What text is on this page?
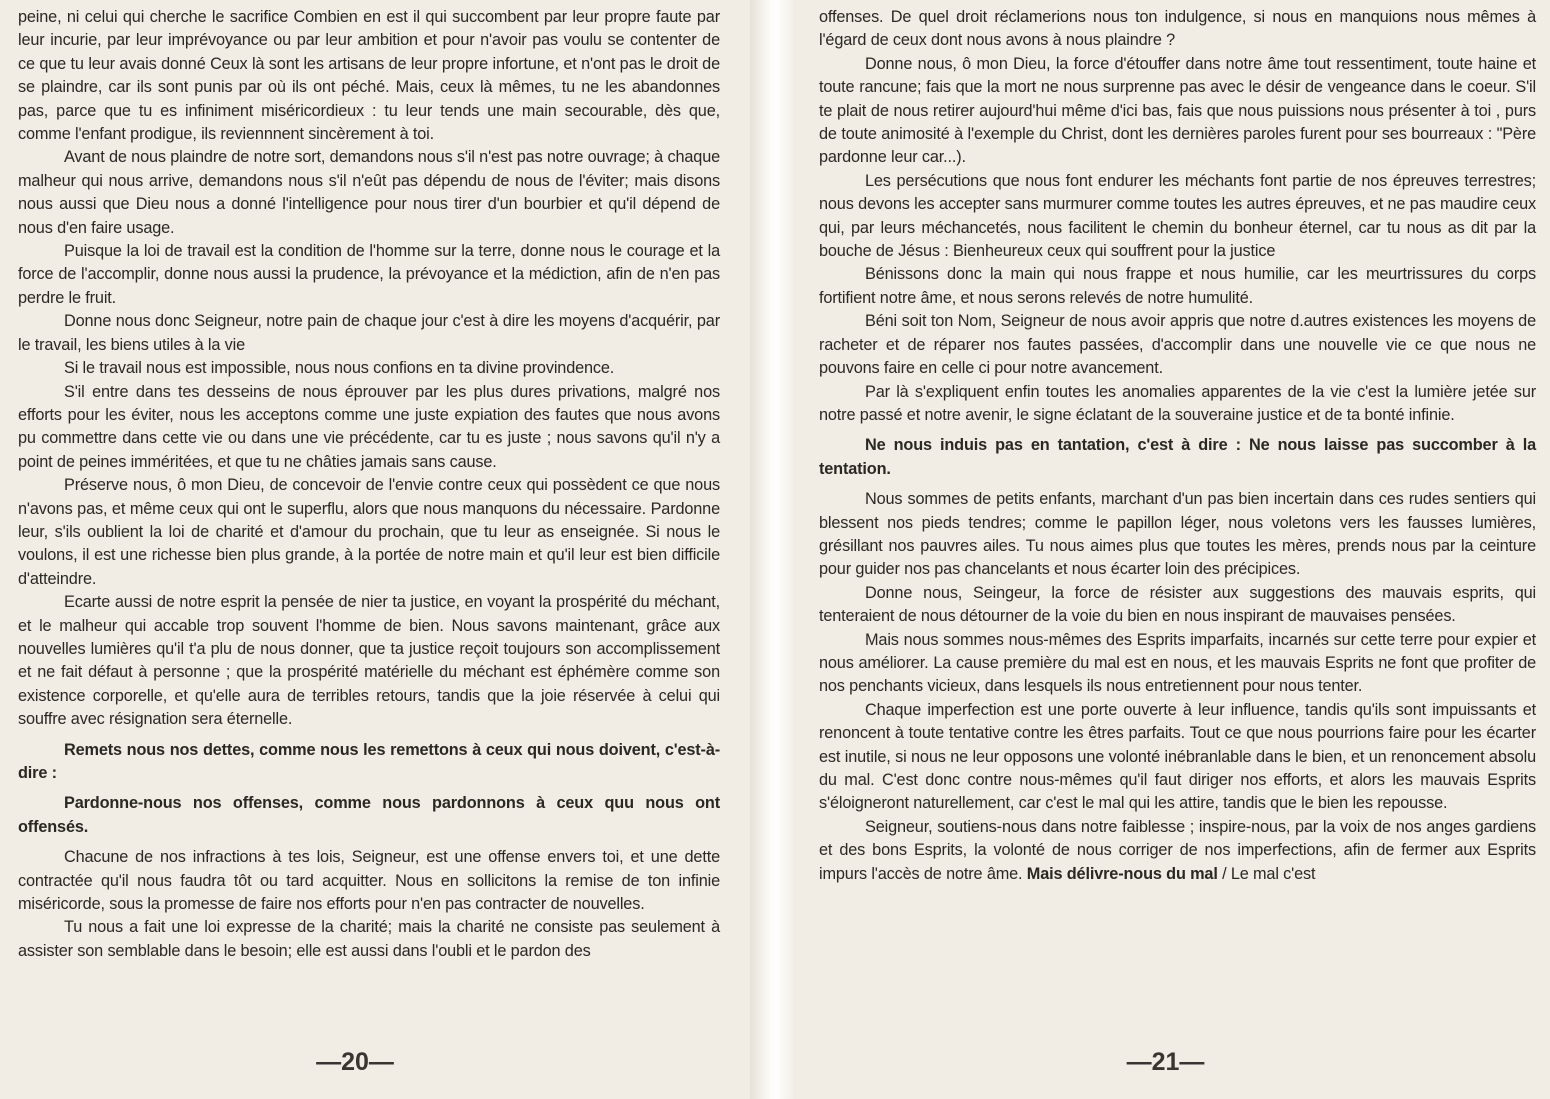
peine, ni celui qui cherche le sacrifice Combien en est il qui succombent par leur propre faute par leur incurie, par leur imprévoyance ou par leur ambition et pour n'avoir pas voulu se contenter de ce que tu leur avais donné Ceux là sont les artisans de leur propre infortune, et n'ont pas le droit de se plaindre, car ils sont punis par où ils ont péché. Mais, ceux là mêmes, tu ne les abandonnes pas, parce que tu es infiniment miséricordieux : tu leur tends une main secourable, dès que, comme l'enfant prodigue, ils reviennnent sincèrement à toi.

Avant de nous plaindre de notre sort, demandons nous s'il n'est pas notre ouvrage; à chaque malheur qui nous arrive, demandons nous s'il n'eût pas dépendu de nous de l'éviter; mais disons nous aussi que Dieu nous a donné l'intelligence pour nous tirer d'un bourbier et qu'il dépend de nous d'en faire usage.

Puisque la loi de travail est la condition de l'homme sur la terre, donne nous le courage et la force de l'accomplir, donne nous aussi la prudence, la prévoyance et la médiction, afin de n'en pas perdre le fruit.

Donne nous donc Seigneur, notre pain de chaque jour c'est à dire les moyens d'acquérir, par le travail, les biens utiles à la vie

Si le travail nous est impossible, nous nous confions en ta divine provindence.

S'il entre dans tes desseins de nous éprouver par les plus dures privations, malgré nos efforts pour les éviter, nous les acceptons comme une juste expiation des fautes que nous avons pu commettre dans cette vie ou dans une vie précédente, car tu es juste ; nous savons qu'il n'y a point de peines imméritées, et que tu ne châties jamais sans cause.

Préserve nous, ô mon Dieu, de concevoir de l'envie contre ceux qui possèdent ce que nous n'avons pas, et même ceux qui ont le superflu, alors que nous manquons du nécessaire. Pardonne leur, s'ils oublient la loi de charité et d'amour du prochain, que tu leur as enseignée. Si nous le voulons, il est une richesse bien plus grande, à la portée de notre main et qu'il leur est bien difficile d'atteindre.

Ecarte aussi de notre esprit la pensée de nier ta justice, en voyant la prospérité du méchant, et le malheur qui accable trop souvent l'homme de bien. Nous savons maintenant, grâce aux nouvelles lumières qu'il t'a plu de nous donner, que ta justice reçoit toujours son accomplissement et ne fait défaut à personne ; que la prospérité matérielle du méchant est éphémère comme son existence corporelle, et qu'elle aura de terribles retours, tandis que la joie réservée à celui qui souffre avec résignation sera éternelle.

Remets nous nos dettes, comme nous les remettons à ceux qui nous doivent, c'est-à-dire :

Pardonne-nous nos offenses, comme nous pardonnons à ceux quu nous ont offensés.

Chacune de nos infractions à tes lois, Seigneur, est une offense envers toi, et une dette contractée qu'il nous faudra tôt ou tard acquitter. Nous en sollicitons la remise de ton infinie miséricorde, sous la promesse de faire nos efforts pour n'en pas contracter de nouvelles.

Tu nous a fait une loi expresse de la charité; mais la charité ne consiste pas seulement à assister son semblable dans le besoin; elle est aussi dans l'oubli et le pardon des

—20—

offenses. De quel droit réclamerions nous ton indulgence, si nous en manquions nous mêmes à l'égard de ceux dont nous avons à nous plaindre ?

Donne nous, ô mon Dieu, la force d'étouffer dans notre âme tout ressentiment, toute haine et toute rancune; fais que la mort ne nous surprenne pas avec le désir de vengeance dans le coeur. S'il te plait de nous retirer aujourd'hui même d'ici bas, fais que nous puissions nous présenter à toi , purs de toute animosité à l'exemple du Christ, dont les dernières paroles furent pour ses bourreaux : "Père pardonne leur car...).

Les persécutions que nous font endurer les méchants font partie de nos épreuves terrestres; nous devons les accepter sans murmurer comme toutes les autres épreuves, et ne pas maudire ceux qui, par leurs méchancetés, nous facilitent le chemin du bonheur éternel, car tu nous as dit par la bouche de Jésus : Bienheureux ceux qui souffrent pour la justice

Bénissons donc la main qui nous frappe et nous humilie, car les meurtrissures du corps fortifient notre âme, et nous serons relevés de notre humulité.

Béni soit ton Nom, Seigneur de nous avoir appris que notre d.autres existences les moyens de racheter et de réparer nos fautes passées, d'accomplir dans une nouvelle vie ce que nous ne pouvons faire en celle ci pour notre avancement.

Par là s'expliquent enfin toutes les anomalies apparentes de la vie c'est la lumière jetée sur notre passé et notre avenir, le signe éclatant de la souveraine justice et de ta bonté infinie.

Ne nous induis pas en tantation, c'est à dire : Ne nous laisse pas succomber à la tentation.

Nous sommes de petits enfants, marchant d'un pas bien incertain dans ces rudes sentiers qui blessent nos pieds tendres; comme le papillon léger, nous voletons vers les fausses lumières, grésillant nos pauvres ailes. Tu nous aimes plus que toutes les mères, prends nous par la ceinture pour guider nos pas chancelants et nous écarter loin des précipices.

Donne nous, Seingeur, la force de résister aux suggestions des mauvais esprits, qui tenteraient de nous détourner de la voie du bien en nous inspirant de mauvaises pensées.

Mais nous sommes nous-mêmes des Esprits imparfaits, incarnés sur cette terre pour expier et nous améliorer. La cause première du mal est en nous, et les mauvais Esprits ne font que profiter de nos penchants vicieux, dans lesquels ils nous entretiennent pour nous tenter.

Chaque imperfection est une porte ouverte à leur influence, tandis qu'ils sont impuissants et renoncent à toute tentative contre les êtres parfaits. Tout ce que nous pourrions faire pour les écarter est inutile, si nous ne leur opposons une volonté inébranlable dans le bien, et un renoncement absolu du mal. C'est donc contre nous-mêmes qu'il faut diriger nos efforts, et alors les mauvais Esprits s'éloigneront naturellement, car c'est le mal qui les attire, tandis que le bien les repousse.

Seigneur, soutiens-nous dans notre faiblesse ; inspire-nous, par la voix de nos anges gardiens et des bons Esprits, la volonté de nous corriger de nos imperfections, afin de fermer aux Esprits impurs l'accès de notre âme. Mais délivre-nous du mal / Le mal c'est

—21—
